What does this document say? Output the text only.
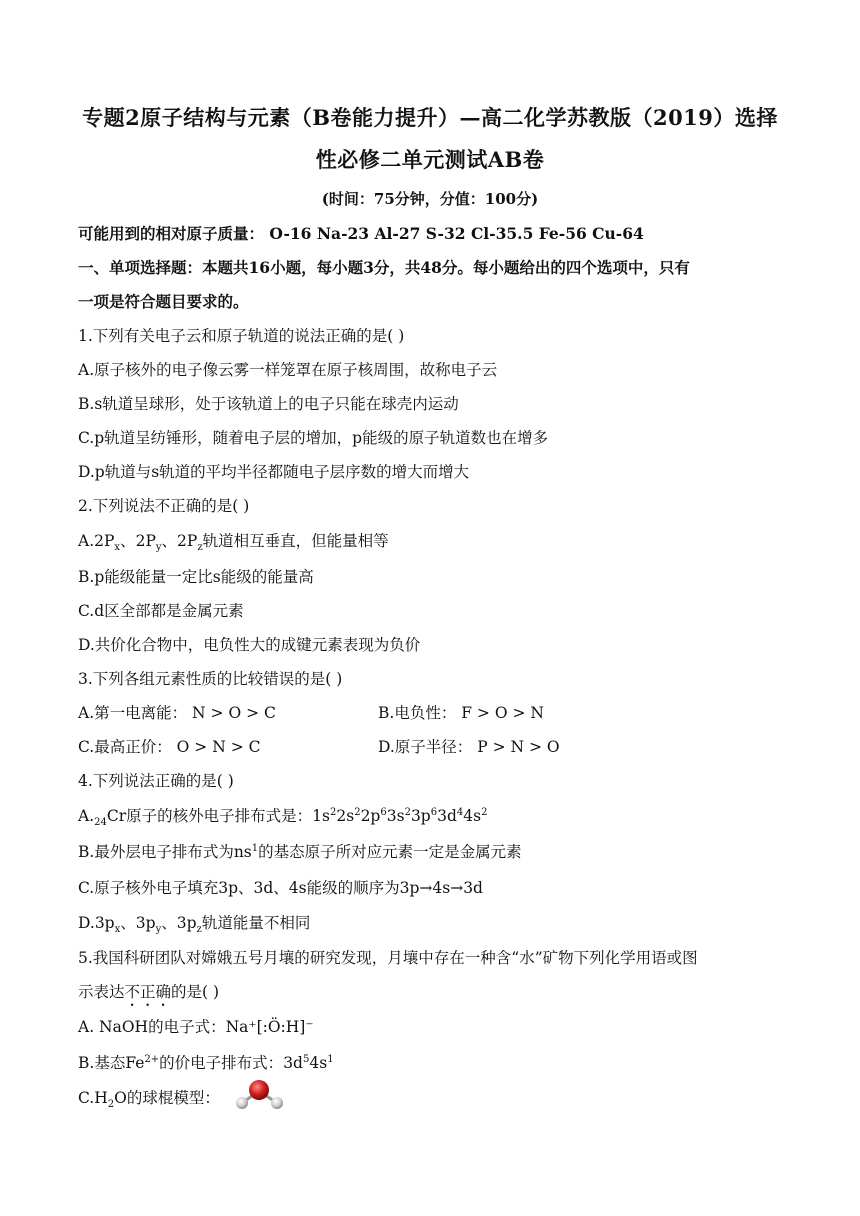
专题2原子结构与元素（B卷能力提升）—高二化学苏教版（2019）选择
性必修二单元测试AB卷
(时间：75分钟，分值：100分)
可能用到的相对原子质量： O-16 Na-23 Al-27 S-32 Cl-35.5 Fe-56 Cu-64
一、单项选择题：本题共16小题，每小题3分，共48分。每小题给出的四个选项中，只有
一项是符合题目要求的。
1.下列有关电子云和原子轨道的说法正确的是( )
A.原子核外的电子像云雾一样笼罩在原子核周围，故称电子云
B.s轨道呈球形，处于该轨道上的电子只能在球壳内运动
C.p轨道呈纺锤形，随着电子层的增加，p能级的原子轨道数也在增多
D.p轨道与s轨道的平均半径都随电子层序数的增大而增大
2.下列说法不正确的是( )
$A.2P_x$、$2P_y$、$2P_z$轨道相互垂直，但能量相等
B.p能级能量一定比s能级的能量高
C.d区全部都是金属元素
D.共价化合物中，电负性大的成键元素表现为负价
3.下列各组元素性质的比较错误的是( )
A.第一电离能： N > O > C	B.电负性： F > O > N
C.最高正价： O > N > C	D.原子半径： P > N > O
4.下列说法正确的是( )
$A._{24}Cr$原子的核外电子排布式是：$1s^22s^22p^63s^23p^63d^44s^2$
B.最外层电子排布式为$ns^1$的基态原子所对应元素一定是金属元素
C.原子核外电子填充3p、3d、4s能级的顺序为3p→4s→3d
$D.3p_x$、$3p_y$、$3p_z$轨道能量不相同
5.我国科研团队对嫦娥五号月壤的研究发现，月壤中存在一种含“水”矿物下列化学用语或图
示表达不正确的是( )
A. NaOH的电子式：Na⁺[:Ö:H]⁻
B.基态$Fe^{2+}$的价电子排布式：$3d^54s^1$
$C.H_2O$的球棍模型：
